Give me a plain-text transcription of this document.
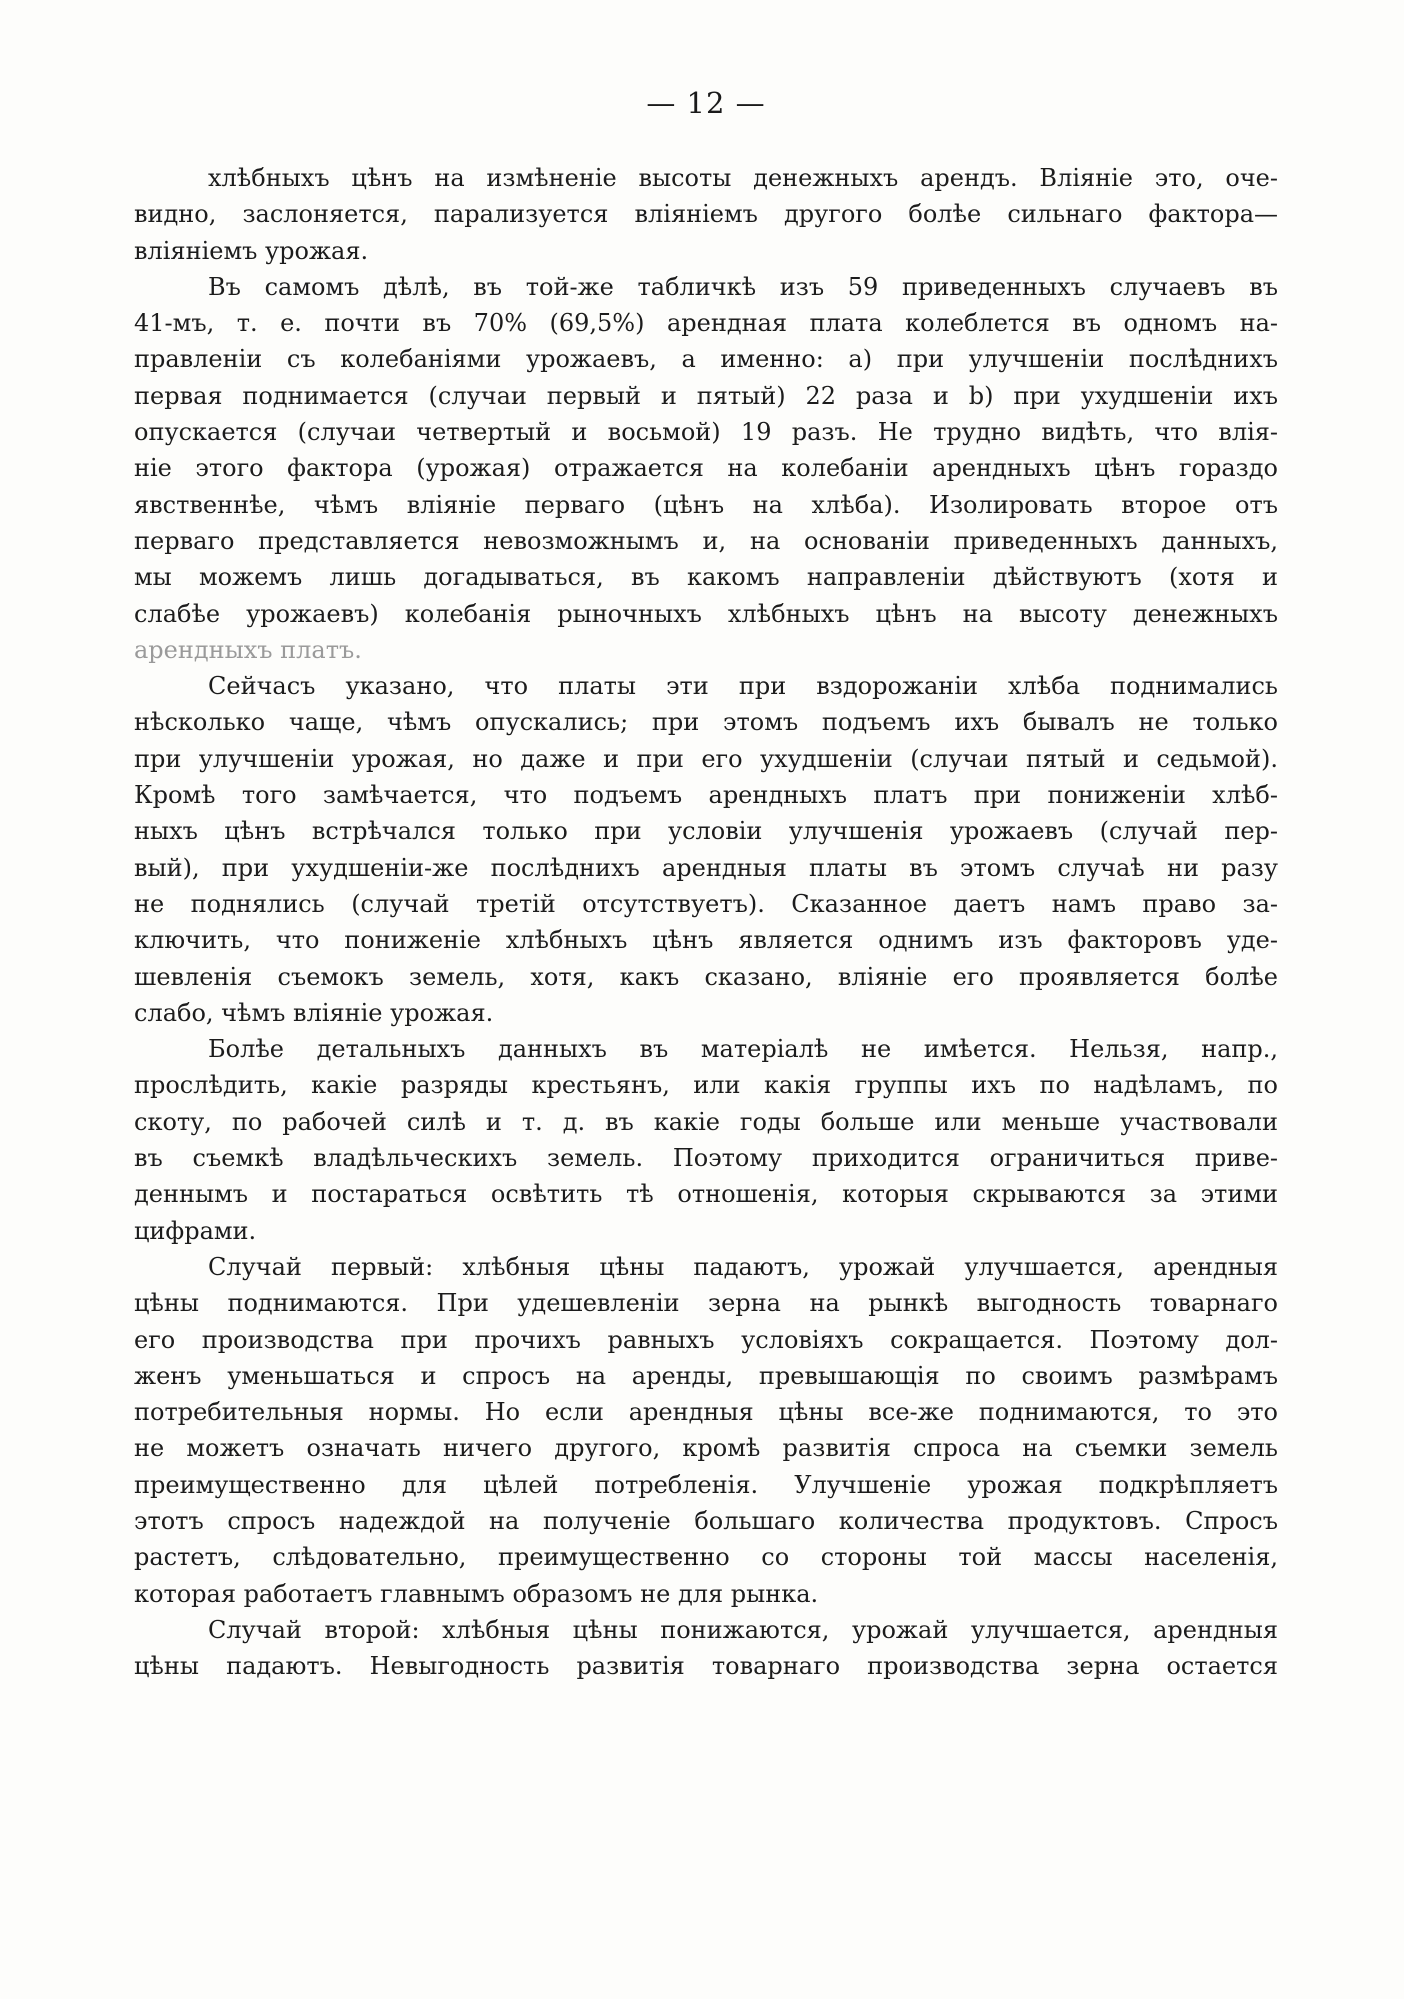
— 12 —
хлѣбныхъ цѣнъ на измѣненіе высоты денежныхъ арендъ. Вліяніе это, оче-
видно, заслоняется, парализуется вліяніемъ другого болѣе сильнаго фактора—
вліяніемъ урожая.
Въ самомъ дѣлѣ, въ той-же табличкѣ изъ 59 приведенныхъ случаевъ въ
41-мъ, т. е. почти въ 70% (69,5%) арендная плата колеблется въ одномъ на-
правленіи съ колебаніями урожаевъ, а именно: а) при улучшеніи послѣднихъ
первая поднимается (случаи первый и пятый) 22 раза и b) при ухудшеніи ихъ
опускается (случаи четвертый и восьмой) 19 разъ. Не трудно видѣть, что влія-
ніе этого фактора (урожая) отражается на колебаніи арендныхъ цѣнъ гораздо
явственнѣе, чѣмъ вліяніе перваго (цѣнъ на хлѣба). Изолировать второе отъ
перваго представляется невозможнымъ и, на основаніи приведенныхъ данныхъ,
мы можемъ лишь догадываться, въ какомъ направленіи дѣйствуютъ (хотя и
слабѣе урожаевъ) колебанія рыночныхъ хлѣбныхъ цѣнъ на высоту денежныхъ
арендныхъ платъ.
Сейчасъ указано, что платы эти при вздорожаніи хлѣба поднимались
нѣсколько чаще, чѣмъ опускались; при этомъ подъемъ ихъ бывалъ не только
при улучшеніи урожая, но даже и при его ухудшеніи (случаи пятый и седьмой).
Кромѣ того замѣчается, что подъемъ арендныхъ платъ при пониженіи хлѣб-
ныхъ цѣнъ встрѣчался только при условіи улучшенія урожаевъ (случай пер-
вый), при ухудшеніи-же послѣднихъ арендныя платы въ этомъ случаѣ ни разу
не поднялись (случай третій отсутствуетъ). Сказанное даетъ намъ право за-
ключить, что пониженіе хлѣбныхъ цѣнъ является однимъ изъ факторовъ уде-
шевленія съемокъ земель, хотя, какъ сказано, вліяніе его проявляется болѣе
слабо, чѣмъ вліяніе урожая.
Болѣе детальныхъ данныхъ въ матеріалѣ не имѣется. Нельзя, напр.,
прослѣдить, какіе разряды крестьянъ, или какія группы ихъ по надѣламъ, по
скоту, по рабочей силѣ и т. д. въ какіе годы больше или меньше участвовали
въ съемкѣ владѣльческихъ земель. Поэтому приходится ограничиться приве-
деннымъ и постараться освѣтить тѣ отношенія, которыя скрываются за этими
цифрами.
Случай первый: хлѣбныя цѣны падаютъ, урожай улучшается, арендныя
цѣны поднимаются. При удешевленіи зерна на рынкѣ выгодность товарнаго
его производства при прочихъ равныхъ условіяхъ сокращается. Поэтому дол-
женъ уменьшаться и спросъ на аренды, превышающія по своимъ размѣрамъ
потребительныя нормы. Но если арендныя цѣны все-же поднимаются, то это
не можетъ означать ничего другого, кромѣ развитія спроса на съемки земель
преимущественно для цѣлей потребленія. Улучшеніе урожая подкрѣпляетъ
этотъ спросъ надеждой на полученіе большаго количества продуктовъ. Спросъ
растетъ, слѣдовательно, преимущественно со стороны той массы населенія,
которая работаетъ главнымъ образомъ не для рынка.
Случай второй: хлѣбныя цѣны понижаются, урожай улучшается, арендныя
цѣны падаютъ. Невыгодность развитія товарнаго производства зерна остается
